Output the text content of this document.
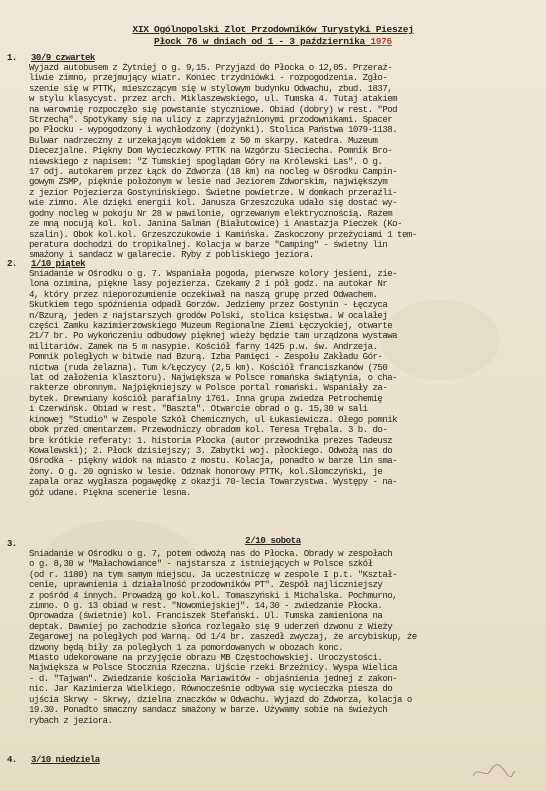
XIX Ogólnopolski Zlot Przodowników Turystyki Pieszej
Płock 76 w dniach od 1 - 3 października 1976
1. 30/9 czwartek
Wyjazd autobusem z Żytniej o g. 9,15. Przyjazd do Płocka o 12,05. Przeraź-
liwie zimno, przejmujący wiatr. Koniec trzydniówki - rozpogodzenia. Zgło-
szenie się w PTTK, mieszczącym się w stylowym budynku Odwachu, zbud. 1837,
w stylu klasycyst. przez arch. Miklaszewskiego, ul. Tumska 4. Tutaj atakiem
na warownię rozpoczęło się powstanie styczniowe. Obiad (dobry) w rest. "Pod
Strzechą". Spotykamy się na ulicy z zaprzyjaźnionymi przodownikami. Spacer
po Płocku - wypogodzony i wychłodzony (dożynki). Stolica Państwa 1079-1138.
Bulwar nadrzeczny z urzekającym widokiem z 50 m skarpy. Katedra. Muzeum
Diecezjalne. Piękny Dom Wycieczkowy PTTK na Wzgórzu Sieciecha. Pomnik Bro-
niewskiego z napisem: "Z Tumskiej spoglądam Góry na Królewski Las". O g.
17 odj. autokarem przez Łąck do Zdworza (18 km) na nocleg w Ośrodku Campin-
gowym ZSMP, pięknie położonym w lesie nad Jeziorem Zdworskim, największym
z jezior Pojezierza Gostynińskiego. Świetne powietrze. W domkach przeraźli-
wie zimno. Ale dzięki energii kol. Janusza Grzeszczuka udało się dostać wy-
godny nocleg w pokoju Nr 28 w pawilonie, ogrzewanym elektrycznością. Razem
ze mną nocują kol. kol. Janina Salman (Białutowice) i Anastazja Pieczek (Ko-
szalin). Obok kol.kol. Grzeszczukowie i Kamińska. Zaskoczony przeżyciami 1 tem-
peratura dochodzi do tropikalnej. Kolacja w barze "Camping" - świetny lin
smażony i sandacz w galarecie. Ryby z pobliskiego jeziora.
2. 1/10 piątek
Śniadanie w Ośrodku o g. 7. Wspaniała pogoda, pierwsze kolory jesieni, zie-
lona ozimina, piękne lasy pojezierza. Czekamy 2 i pół godz. na autokar Nr
4, który przez nieporozumienie oczekiwał na naszą grupę przed Odwachem.
Skutkiem tego spóźnienia odpadł Gorzów. Jedziemy przez Gostynin - Łęczyca
n/Bzurą, jeden z najstarszych grodów Polski, stolica księstwa. W ocalałej
części Zamku kazimierzowskiego Muzeum Regionalne Ziemi Łęczyckiej, otwarte
21/7 br. Po wykończeniu odbudowy pięknej wieży będzie tam urządzona wystawa
militariów. Zamek na 5 m nasypie. Kościół farny 1425 p.w. św. Andrzeja.
Pomnik poległych w bitwie nad Bzurą. Izba Pamięci - Zespołu Zakładu Gór-
nictwa (ruda żelazna). Tum k/Łęczycy (2,5 km). Kościół franciszkanów (750
lat od założenia klasztoru). Największa w Polsce romańska świątynia, o cha-
rakterze obronnym. Najpiękniejszy w Polsce portal romański. Wspaniały za-
bytek. Drewniany kościół parafialny 1761. Inna grupa zwiedza Petrochemię
i Czerwińsk. Obiad w rest. "Baszta". Otwarcie obrad o g. 15,30 w sali
kinowej "Studio" w Zespole Szkół Chemicznych, ul Łukasiewicza. Ołego pomnik
obok przed cmentarzem. Przewodniczy obradom kol. Teresa Trębala. 3 b. do-
bre krótkie referaty: 1. historia Płocka (autor przewodnika prezes Tadeusz
Kowalewski); 2. Płock dzisiejszy; 3. Zabytki woj. płockiego. Odwożą nas do
Ośrodka - piękny widok na miasto z mostu. Kolacja, ponadto w barze lin sma-
żony. O g. 20 ognisko w lesie. Odznak honorowy PTTK, kol.Słomczyński, je
zapala oraz wygłasza pogawędkę z okazji 70-lecia Towarzystwa. Występy - na-
góż udane. Piękna scenerie lesna.
2/10 sobota
3.
Śniadanie w Ośrodku o g. 7, potem odwożą nas do Płocka. Obrady w zespołach
o g. 8,30 w "Małachowiance" - najstarsza z istniejących w Polsce szkół
(od r. 1180) na tym samym miejscu. Ja uczestniczę w zespole I p.t. "Kształ-
cenie, uprawnienia i działalność przodowników PT". Zespół najliczniejszy
z pośród 4 innych. Prowadzą go kol.kol. Tomaszyński i Michalska. Pochmurno,
zimno. O g. 13 obiad w rest. "Nowomiejskiej". 14,30 - zwiedzanie Płocka.
Oprowadza (świetnie) kol. Franciszek Stefański. Ul. Tumska zamieniona na
deptak. Dawniej po zachodzie słońca rozlegało się 9 uderzeń dzwonu z Wieży
Zegarowej na poległych pod Warną. Od 1/4 br. zaszedł zwyczaj, że arcybiskup, że
dzwony będą biły za poległych 1 za pomordowanych w obozach konc.
Miasto udekorowane na przyjęcie obrazu MB Częstochowskiej. Uroczystości.
Największa w Polsce Stocznia Rzeczna. Ujście rzeki Brzeźnicy. Wyspa Wielica
- d. "Tajwan". Zwiedzanie kościoła Mariawitów - objaśnienia jednej z zakon-
nic. Jar Kazimierza Wielkiego. Równocześnie odbywa się wycieczka piesza do
ujścia Skrwy - Skrwy, dzielna znaczków w Odwachu. Wyjazd do Zdworza, kolacja o
19.30. Ponadto smaczny sandacz smażony w barze. Używamy sobie na świeżych
rybach z jeziora.
4. 3/10 niedziela
